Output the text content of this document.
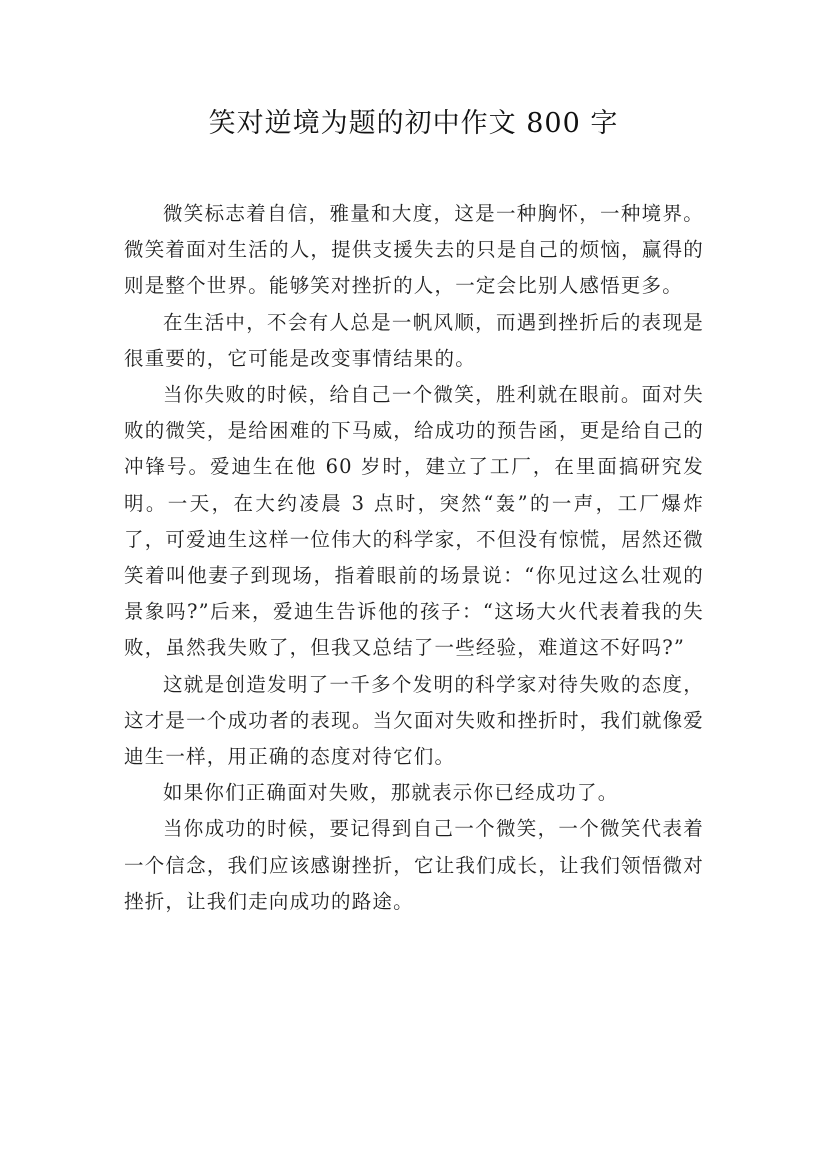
笑对逆境为题的初中作文 800 字

微笑标志着自信，雅量和大度，这是一种胸怀，一种境界。微笑着面对生活的人，提供支援失去的只是自己的烦恼，赢得的则是整个世界。能够笑对挫折的人，一定会比别人感悟更多。

在生活中，不会有人总是一帆风顺，而遇到挫折后的表现是很重要的，它可能是改变事情结果的。

当你失败的时候，给自己一个微笑，胜利就在眼前。面对失败的微笑，是给困难的下马威，给成功的预告函，更是给自己的冲锋号。爱迪生在他 60 岁时，建立了工厂，在里面搞研究发明。一天，在大约凌晨 3 点时，突然“轰”的一声，工厂爆炸了，可爱迪生这样一位伟大的科学家，不但没有惊慌，居然还微笑着叫他妻子到现场，指着眼前的场景说：“你见过这么壮观的景象吗?”后来，爱迪生告诉他的孩子：“这场大火代表着我的失败，虽然我失败了，但我又总结了一些经验，难道这不好吗?”

这就是创造发明了一千多个发明的科学家对待失败的态度，这才是一个成功者的表现。当欠面对失败和挫折时，我们就像爱迪生一样，用正确的态度对待它们。

如果你们正确面对失败，那就表示你已经成功了。

当你成功的时候，要记得到自己一个微笑，一个微笑代表着一个信念，我们应该感谢挫折，它让我们成长，让我们领悟微对挫折，让我们走向成功的路途。
